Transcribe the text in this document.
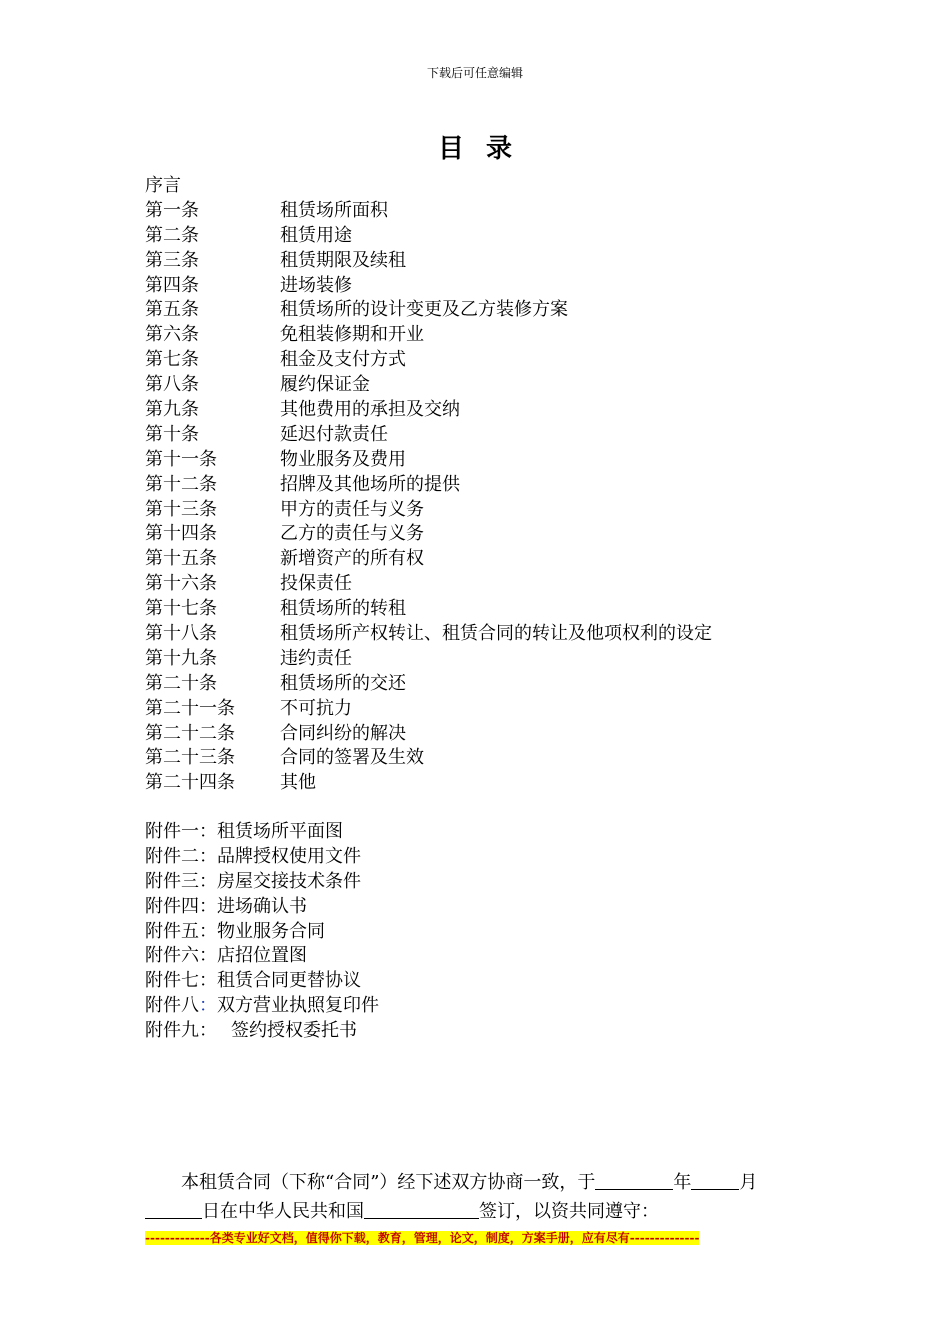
下载后可任意编辑
目录
序言
第一条	租赁场所面积
第二条	租赁用途
第三条	租赁期限及续租
第四条	进场装修
第五条	租赁场所的设计变更及乙方装修方案
第六条	免租装修期和开业
第七条	租金及支付方式
第八条	履约保证金
第九条	其他费用的承担及交纳
第十条	延迟付款责任
第十一条	物业服务及费用
第十二条	招牌及其他场所的提供
第十三条	甲方的责任与义务
第十四条	乙方的责任与义务
第十五条	新增资产的所有权
第十六条	投保责任
第十七条	租赁场所的转租
第十八条	租赁场所产权转让、租赁合同的转让及他项权利的设定
第十九条	违约责任
第二十条	租赁场所的交还
第二十一条	不可抗力
第二十二条	合同纠纷的解决
第二十三条	合同的签署及生效
第二十四条	其他
附件一：租赁场所平面图
附件二：品牌授权使用文件
附件三：房屋交接技术条件
附件四：进场确认书
附件五：物业服务合同
附件六：店招位置图
附件七：租赁合同更替协议
附件八：双方营业执照复印件
附件九： 签约授权委托书
本租赁合同（下称“合同”）经下述双方协商一致，于	年	月
日在中华人民共和国	签订，以资共同遵守：
-------------各类专业好文档，值得你下载，教育，管理，论文，制度，方案手册，应有尽有--------------
